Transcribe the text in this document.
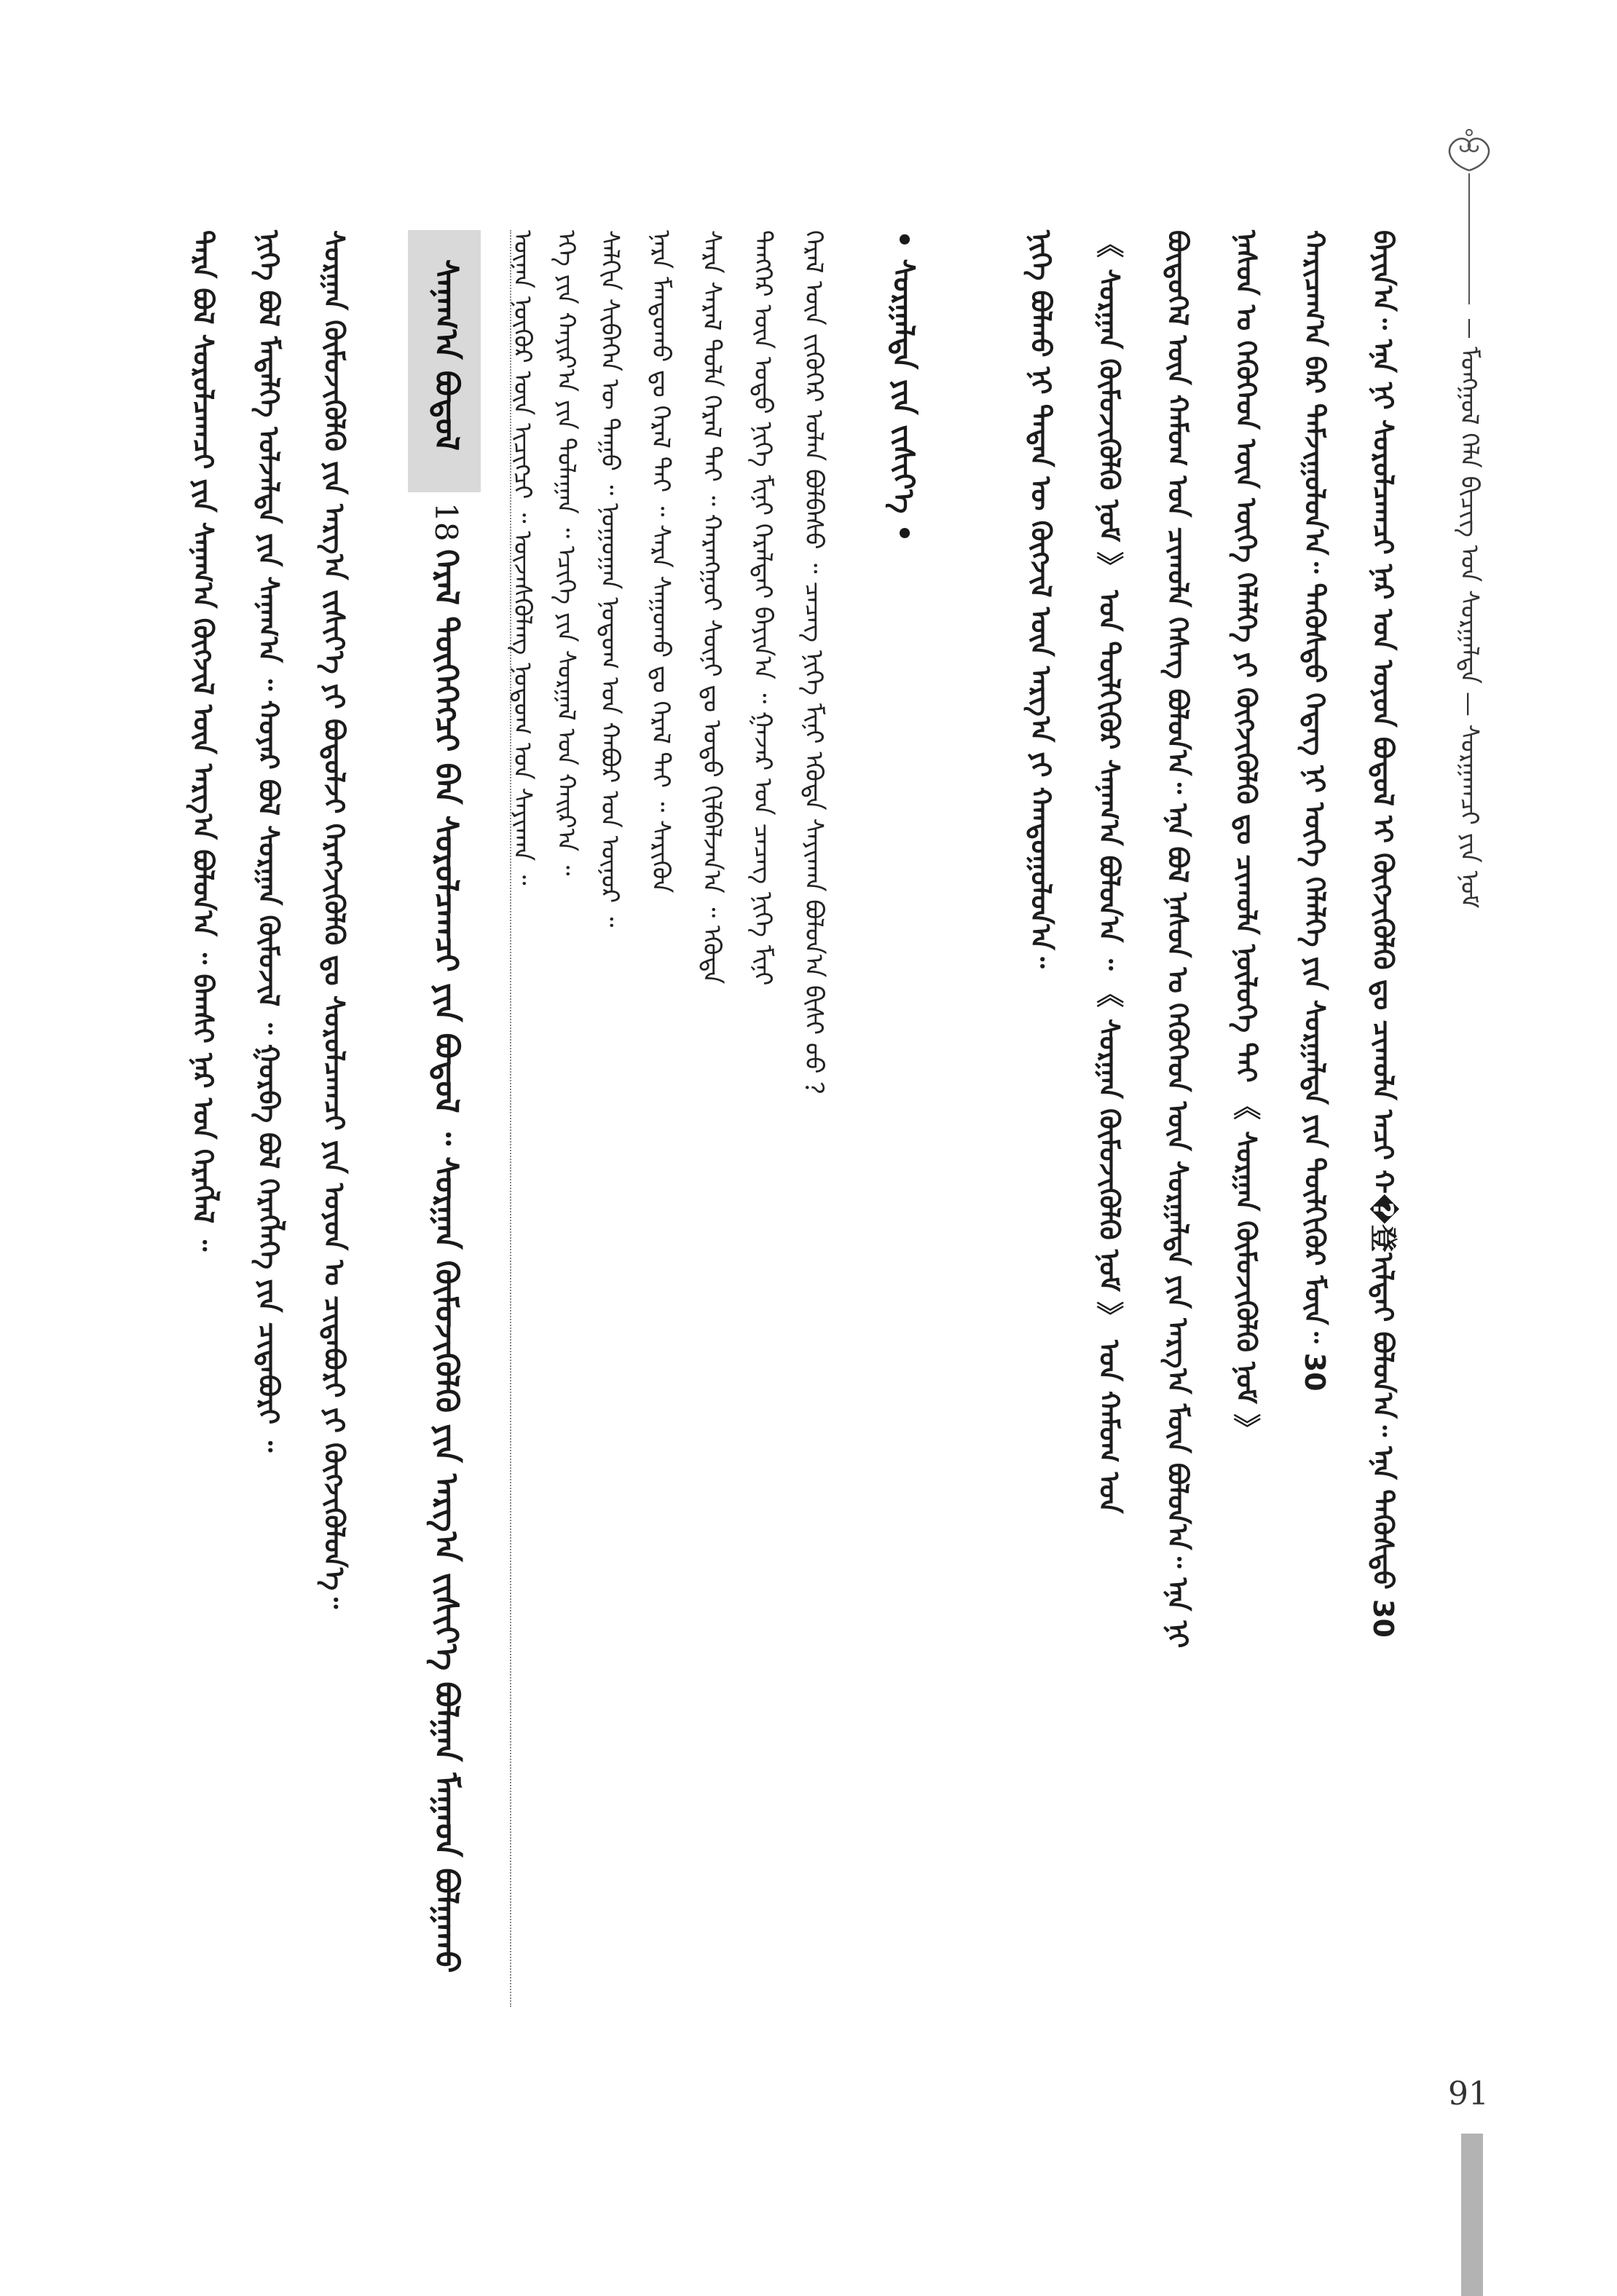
ᠮᠣᠩᠭᠣᠯ ᠬᠡᠯᠡ ᠪᠢᠴᠢᠭ ᠤᠨ ᠰᠤᠷᠭᠠᠯᠲᠠ — ᠰᠤᠷᠭᠠᠭᠴᠢ ᠶᠢᠨ ᠨᠣᠮ
ᠪᠠᠶᠢᠨ᠎ᠠ᠃ ᠡᠨᠡ ᠨᠢ ᠰᠤᠷᠤᠯᠴᠠᠭᠴᠢ ᠨᠠᠷ ᠤᠨ ᠣᠶᠤᠨ ᠪᠤᠳᠤᠯ ᠢ ᠬᠥᠭᠵᠢᠭᠦᠯᠬᠦ ᠳᠤ ᠴᠢᠬᠤᠯᠠ ᠠᠴᠢ ᠬ�登ᠢᠯᠲᠡᠢ ᠪᠣᠯᠤᠨ᠎ᠠ᠃ ᠡᠨᠡ ᠲᠡᠭᠦᠰᠲᠦ 30
ᠬᠠᠷᠢᠴᠠᠭ᠎ᠠ ᠪᠠᠷ ᠳᠠᠮᠵᠢᠭᠤᠯᠤᠨ᠎ᠠ᠃ ᠲᠡᠭᠦᠰᠲᠦ ᠭᠡᠳᠡᠭ ᠨᠢ ᠦᠭᠡ ᠬᠡᠯᠡᠯᠭᠡ ᠶᠢᠨ ᠰᠤᠷᠭᠠᠯᠲᠠ ᠶᠢᠨ ᠲᠦᠯᠬᠢᠭᠦᠷ ᠮᠥᠨ᠃ 30
ᠨᠠᠰᠤᠨ ᠤ ᠬᠡᠭᠦᠬᠡᠳ ᠦᠨ ᠦᠭᠡ ᠬᠡᠯᠡᠯᠭᠡ ᠶᠢ ᠬᠥᠭᠵᠢᠭᠦᠯᠬᠦ ᠳᠤ ᠴᠢᠬᠤᠯᠠ ᠨᠥᠯᠦᠭᠡ ᠲᠡᠢ 《 ᠰᠤᠷᠭᠠᠨ ᠬᠥᠮᠦᠵᠢᠭᠦᠯᠬᠦ ᠨᠣᠮ 》
ᠪᠦᠲᠦᠭᠡᠯ ᠦᠨ ᠬᠠᠮᠤᠭ ᠤᠨ ᠴᠢᠬᠤᠯᠠ ᠬᠡᠰᠡᠭ ᠪᠣᠯᠤᠨ᠎ᠠ᠃ ᠡᠨᠡ ᠪᠣᠯ ᠨᠠᠰᠤᠨ ᠤ ᠬᠡᠭᠦᠬᠡᠳ ᠦᠨ ᠰᠤᠷᠭᠠᠯᠲᠠ ᠶᠢᠨ ᠠᠷᠭ᠎ᠠ ᠮᠥᠨ ᠪᠣᠯᠤᠨ᠎ᠠ᠃ ᠡᠨᠡ ᠨᠢ
《 ᠰᠤᠷᠭᠠᠨ ᠬᠥᠮᠦᠵᠢᠭᠦᠯᠬᠦ ᠨᠣᠮ 》 ᠤᠨ ᠲᠦᠯᠬᠢᠭᠦᠷ ᠰᠠᠨᠠᠭ᠎ᠠ ᠪᠣᠯᠤᠨ᠎ᠠ ᠃ 《 ᠰᠤᠷᠭᠠᠨ ᠬᠥᠮᠦᠵᠢᠭᠦᠯᠬᠦ ᠨᠣᠮ 》 ᠤᠨ ᠬᠠᠮᠤᠭ ᠤᠨ
ᠨᠢᠭᠡ ᠪᠣᠯᠬᠤ ᠨᠢ ᠲᠡᠳᠡᠨ ᠦ ᠬᠥᠭᠵᠢᠯ ᠦᠨ ᠠᠷᠭ᠎ᠠ ᠶᠢ ᠬᠠᠨᠳᠤᠭᠤᠯᠤᠨ᠎ᠠ᠃
• ᠰᠤᠷᠭᠠᠯᠲᠠ ᠶᠢᠨ ᠵᠢᠱᠢᠶ᠎ᠡ •
ᠭᠡᠷᠡᠯ ᠦᠨ ᠵᠢᠭᠦᠭᠡᠷ ᠣᠯᠠᠨ ᠪᠣᠯᠪᠠᠰᠤ ᠃ ᠴᠡᠴᠡᠭ ᠨᠢᠭᠡ ᠮᠢᠨᠢ ᠡᠭᠦᠳᠡ ᠰᠠᠶᠢᠬᠠᠨ ᠪᠣᠯᠤᠨ᠎ᠠ ᠪᠢᠰᠢ ᠤᠤ ？
ᠲᠡᠩᠭᠡᠷ ᠦᠨ ᠣᠳᠤ ᠨᠢᠭᠡ ᠮᠢᠨᠢ ᠭᠡᠷᠡᠯᠲᠡᠢ ᠪᠠᠶᠢᠨ᠎ᠠ ᠃ ᠭᠠᠵᠠᠷ ᠤᠨ ᠴᠡᠴᠡᠭ ᠨᠢᠭᠡ ᠮᠢᠨᠢ
ᠰᠠᠷᠠ ᠰᠠᠷᠠᠯ ᠲᠤᠯᠠ ᠭᠡᠷᠡᠯ ᠲᠡᠢ ᠃ ᠬᠠᠷᠠᠩᠭᠤᠢ ᠰᠥᠨᠢ ᠳᠤ ᠣᠳᠤ ᠭᠢᠯᠪᠠᠯᠵᠠᠨ᠎ᠠ ᠃ ᠡᠭᠦᠳᠡ
ᠨᠠᠷᠠ ᠮᠠᠨᠳᠤᠬᠤ ᠳᠤ ᠭᠡᠷᠡᠯ ᠲᠡᠢ ᠃ ᠰᠠᠷᠠ ᠰᠠᠭᠤᠬᠤ ᠳᠤ ᠭᠡᠷᠡᠯ ᠲᠡᠢ ᠃ ᠰᠡᠷᠢᠭᠦᠨ
ᠰᠠᠯᠬᠢᠨ ᠰᠢᠪᠡᠭᠡᠨ ᠦ ᠳᠠᠭᠤ ᠃ ᠨᠣᠭᠤᠭᠠᠨ ᠨᠤᠲᠤᠭ ᠤᠨ ᠬᠠᠪᠤᠷ ᠤᠨ ᠦᠨᠦᠷ ᠃
ᠡᠬᠡ ᠶᠢᠨ ᠬᠠᠶᠢᠷ᠎ᠠ ᠶᠢᠨ ᠳᠤᠯᠠᠭᠠᠨ ᠃ ᠡᠴᠢᠭᠡ ᠶᠢᠨ ᠰᠤᠷᠭᠠᠯ ᠤᠨ ᠬᠠᠢᠷ᠎ᠠ ᠃
ᠦᠨᠡᠨ ᠨᠥᠬᠦᠷ ᠦᠨ ᠢᠴᠢᠭᠴᠢ ᠃ ᠦᠵᠡᠰᠬᠦᠯᠡᠩ ᠨᠤᠲᠤᠭ ᠤᠨ ᠰᠠᠶᠢᠬᠠᠨ ᠃
ᠰᠠᠨᠠᠭ᠎ᠠ ᠪᠣᠳᠤᠯ
18 ᠭᠡᠷᠡᠯ ᠲᠦᠭᠡᠭᠡᠭᠴᠢ ᠪᠠᠨ ᠰᠤᠷᠤᠯᠴᠠᠭᠴᠢ ᠶᠢᠨ ᠪᠣᠳᠤᠯ ᠃ ᠰᠤᠷᠭᠠᠨ ᠬᠥᠮᠦᠵᠢᠭᠦᠯᠬᠦ ᠶᠢᠨ ᠠᠷᠭ᠎ᠠ ᠵᠢᠱᠢᠶ᠎ᠡ ᠪᠣᠯᠭᠠᠨ ᠮᠠᠭᠠᠳ ᠪᠣᠯᠭᠠᠬᠤ
ᠰᠤᠷᠭᠠᠨ ᠬᠥᠮᠦᠵᠢᠭᠦᠯᠬᠦ ᠶᠢᠨ ᠠᠷᠭ᠎ᠠ ᠵᠢᠱᠢᠶ᠎ᠡ ᠶᠢ ᠪᠣᠳᠤᠯᠵᠢ ᠬᠡᠷᠡᠭᠵᠢᠭᠦᠯᠬᠦ ᠳᠤ ᠰᠤᠷᠤᠯᠴᠠᠭᠴᠢ ᠶᠢᠨ ᠣᠶᠤᠨ ᠤ ᠴᠢᠳᠠᠪᠤᠷᠢ ᠶᠢ ᠬᠥᠭᠵᠢᠭᠦᠯᠦᠨ᠎ᠡ᠃
ᠨᠢᠭᠡ ᠪᠣᠯ ᠮᠡᠳᠡᠯᠭᠡ ᠣᠯᠵᠠᠯᠲᠠ ᠶᠢᠨ ᠰᠠᠨᠠᠭ᠎ᠠ ᠃ ᠬᠣᠶᠠᠷ ᠪᠣᠯ ᠰᠤᠷᠭᠠᠨ ᠬᠥᠮᠦᠵᠢᠯ ᠃ ᠭᠤᠷᠪᠠ ᠪᠣᠯ ᠬᠡᠷᠡᠭᠯᠡᠭᠡ ᠶᠢᠨ ᠴᠢᠳᠠᠪᠤᠷᠢ ᠃
ᠲᠡᠷᠡ ᠪᠣᠯ ᠰᠤᠷᠤᠯᠴᠠᠭᠴᠢ ᠶᠢᠨ ᠰᠠᠨᠠᠭ᠎ᠠ ᠬᠥᠭᠵᠢᠯ ᠦᠨ ᠠᠷᠭ᠎ᠠ ᠪᠣᠯᠤᠨ᠎ᠠ ᠃ ᠪᠠᠭᠰᠢ ᠨᠠᠷ ᠤᠨ ᠬᠡᠷᠡᠭᠯᠡᠯ ᠃
91
